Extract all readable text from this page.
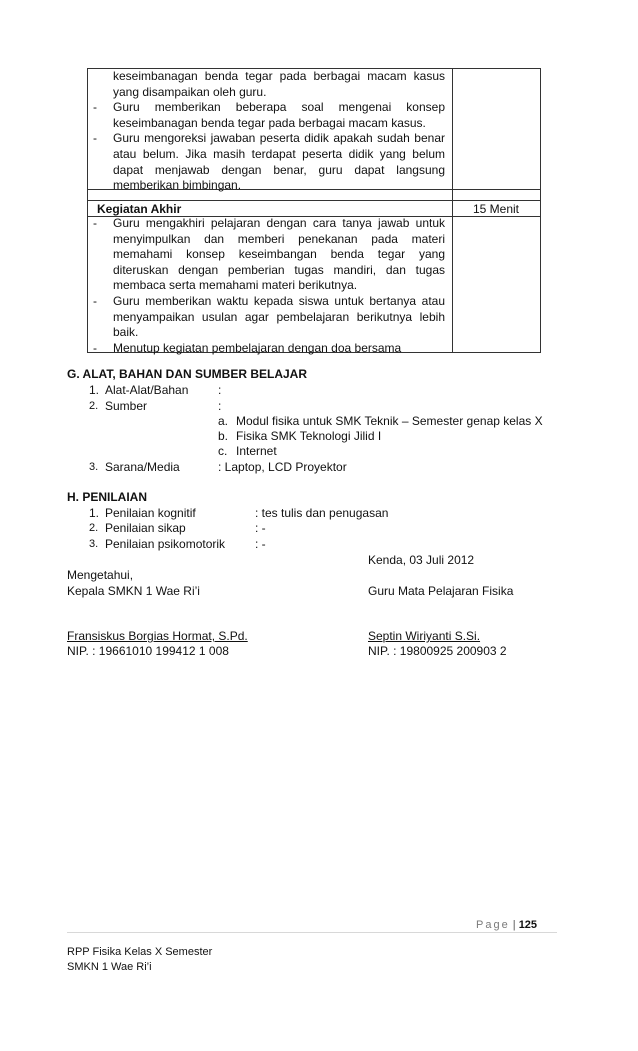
keseimbanagan benda tegar pada berbagai macam kasus yang disampaikan oleh guru.
- Guru memberikan beberapa soal mengenai konsep keseimbanagan benda tegar pada berbagai macam kasus.
- Guru mengoreksi jawaban peserta didik apakah sudah benar atau belum. Jika masih terdapat peserta didik yang belum dapat menjawab dengan benar, guru dapat langsung memberikan bimbingan.
Kegiatan Akhir	15 Menit
- Guru mengakhiri pelajaran dengan cara tanya jawab untuk menyimpulkan dan memberi penekanan pada materi memahami konsep keseimbangan benda tegar yang diteruskan dengan pemberian tugas mandiri, dan tugas membaca serta memahami materi berikutnya.
- Guru memberikan waktu kepada siswa untuk bertanya atau menyampaikan usulan agar pembelajaran berikutnya lebih baik.
- Menutup kegiatan pembelajaran dengan doa bersama
G. ALAT, BAHAN DAN SUMBER BELAJAR
1. Alat-Alat/Bahan :
2. Sumber	:
a. Modul fisika untuk SMK Teknik – Semester genap kelas X
b. Fisika SMK Teknologi Jilid I
c. Internet
3. Sarana/Media	: Laptop, LCD Proyektor
H. PENILAIAN
1. Penilaian kognitif	: tes tulis dan penugasan
2. Penilaian sikap	: -
3. Penilaian psikomotorik : -
Kenda, 03 Juli 2012
Mengetahui,
Kepala SMKN 1 Wae Ri’i	Guru Mata Pelajaran Fisika
Fransiskus Borgias Hormat, S.Pd.	Septin Wiriyanti S.Si.
NIP. : 19661010 199412 1 008	NIP. : 19800925 200903 2
Page | 125
RPP Fisika Kelas X Semester
SMKN 1 Wae Ri’i
